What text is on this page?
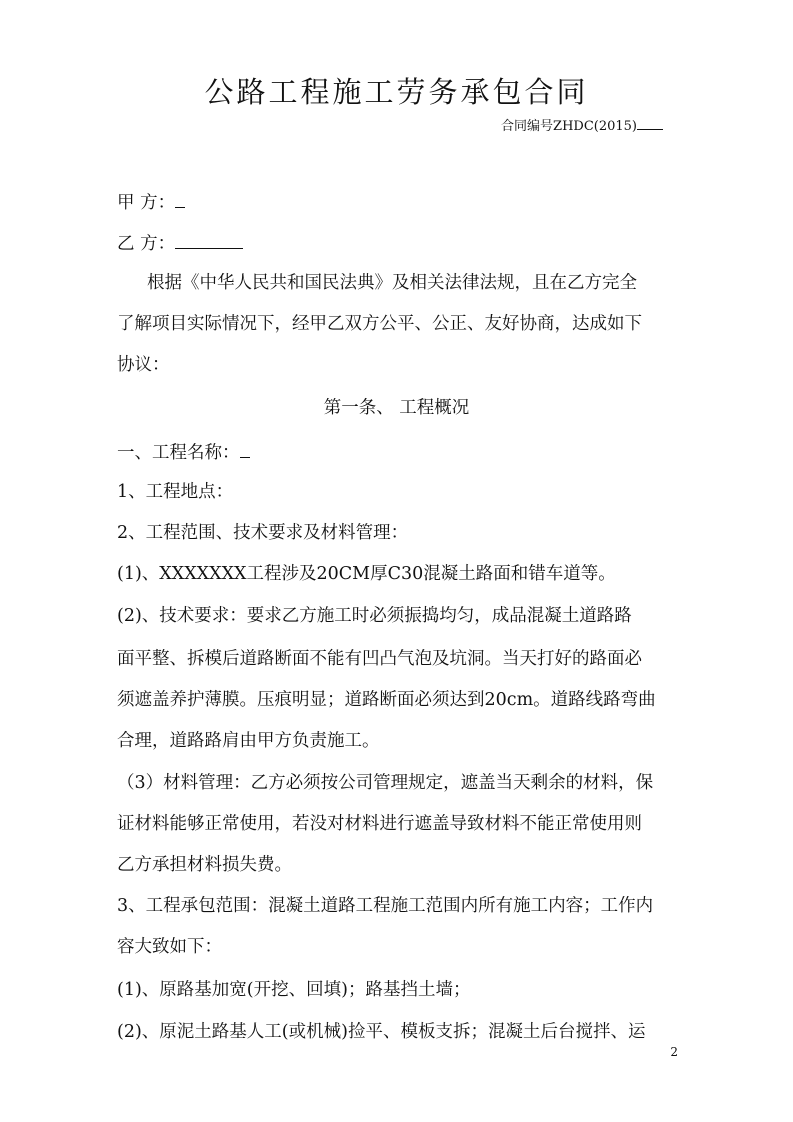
公路工程施工劳务承包合同
合同编号ZHDC(2015)
甲 方：
乙 方：
根据《中华人民共和国民法典》及相关法律法规，且在乙方完全
了解项目实际情况下，经甲乙双方公平、公正、友好协商，达成如下
协议：
第一条、 工程概况
一、工程名称：
1、工程地点：
2、工程范围、技术要求及材料管理：
(1)、XXXXXXX工程涉及20CM厚C30混凝土路面和错车道等。
(2)、技术要求：要求乙方施工时必须振捣均匀，成品混凝土道路路
面平整、拆模后道路断面不能有凹凸气泡及坑洞。当天打好的路面必
须遮盖养护薄膜。压痕明显；道路断面必须达到20cm。道路线路弯曲
合理，道路路肩由甲方负责施工。
（3）材料管理：乙方必须按公司管理规定，遮盖当天剩余的材料，保
证材料能够正常使用，若没对材料进行遮盖导致材料不能正常使用则
乙方承担材料损失费。
3、工程承包范围：混凝土道路工程施工范围内所有施工内容；工作内
容大致如下：
(1)、原路基加宽(开挖、回填)；路基挡土墙；
(2)、原泥土路基人工(或机械)捡平、模板支拆；混凝土后台搅拌、运
2
